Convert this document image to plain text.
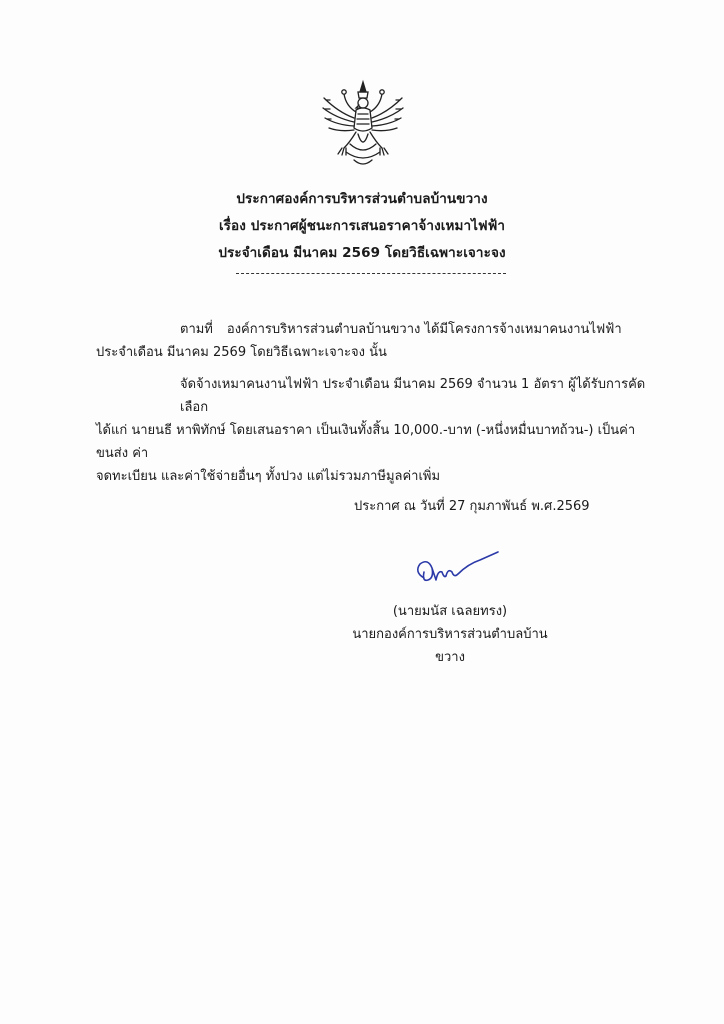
ประกาศองค์การบริหารส่วนตำบลบ้านขวาง
เรื่อง ประกาศผู้ชนะการเสนอราคาจ้างเหมาไฟฟ้า
ประจำเดือน มีนาคม 2569 โดยวิธีเฉพาะเจาะจง
ตามที่ องค์การบริหารส่วนตำบลบ้านขวาง ได้มีโครงการจ้างเหมาคนงานไฟฟ้า
ประจำเดือน มีนาคม 2569 โดยวิธีเฉพาะเจาะจง นั้น
จัดจ้างเหมาคนงานไฟฟ้า ประจำเดือน มีนาคม 2569 จำนวน 1 อัตรา ผู้ได้รับการคัดเลือก
ได้แก่ นายนธี หาพิทักษ์ โดยเสนอราคา เป็นเงินทั้งสิ้น 10,000.-บาท (-หนึ่งหมื่นบาทถ้วน-) เป็นค่าขนส่ง ค่า
จดทะเบียน และค่าใช้จ่ายอื่นๆ ทั้งปวง แต่ไม่รวมภาษีมูลค่าเพิ่ม
ประกาศ ณ วันที่ 27 กุมภาพันธ์ พ.ศ.2569
(นายมนัส เฉลยทรง)
นายกองค์การบริหารส่วนตำบลบ้านขวาง
